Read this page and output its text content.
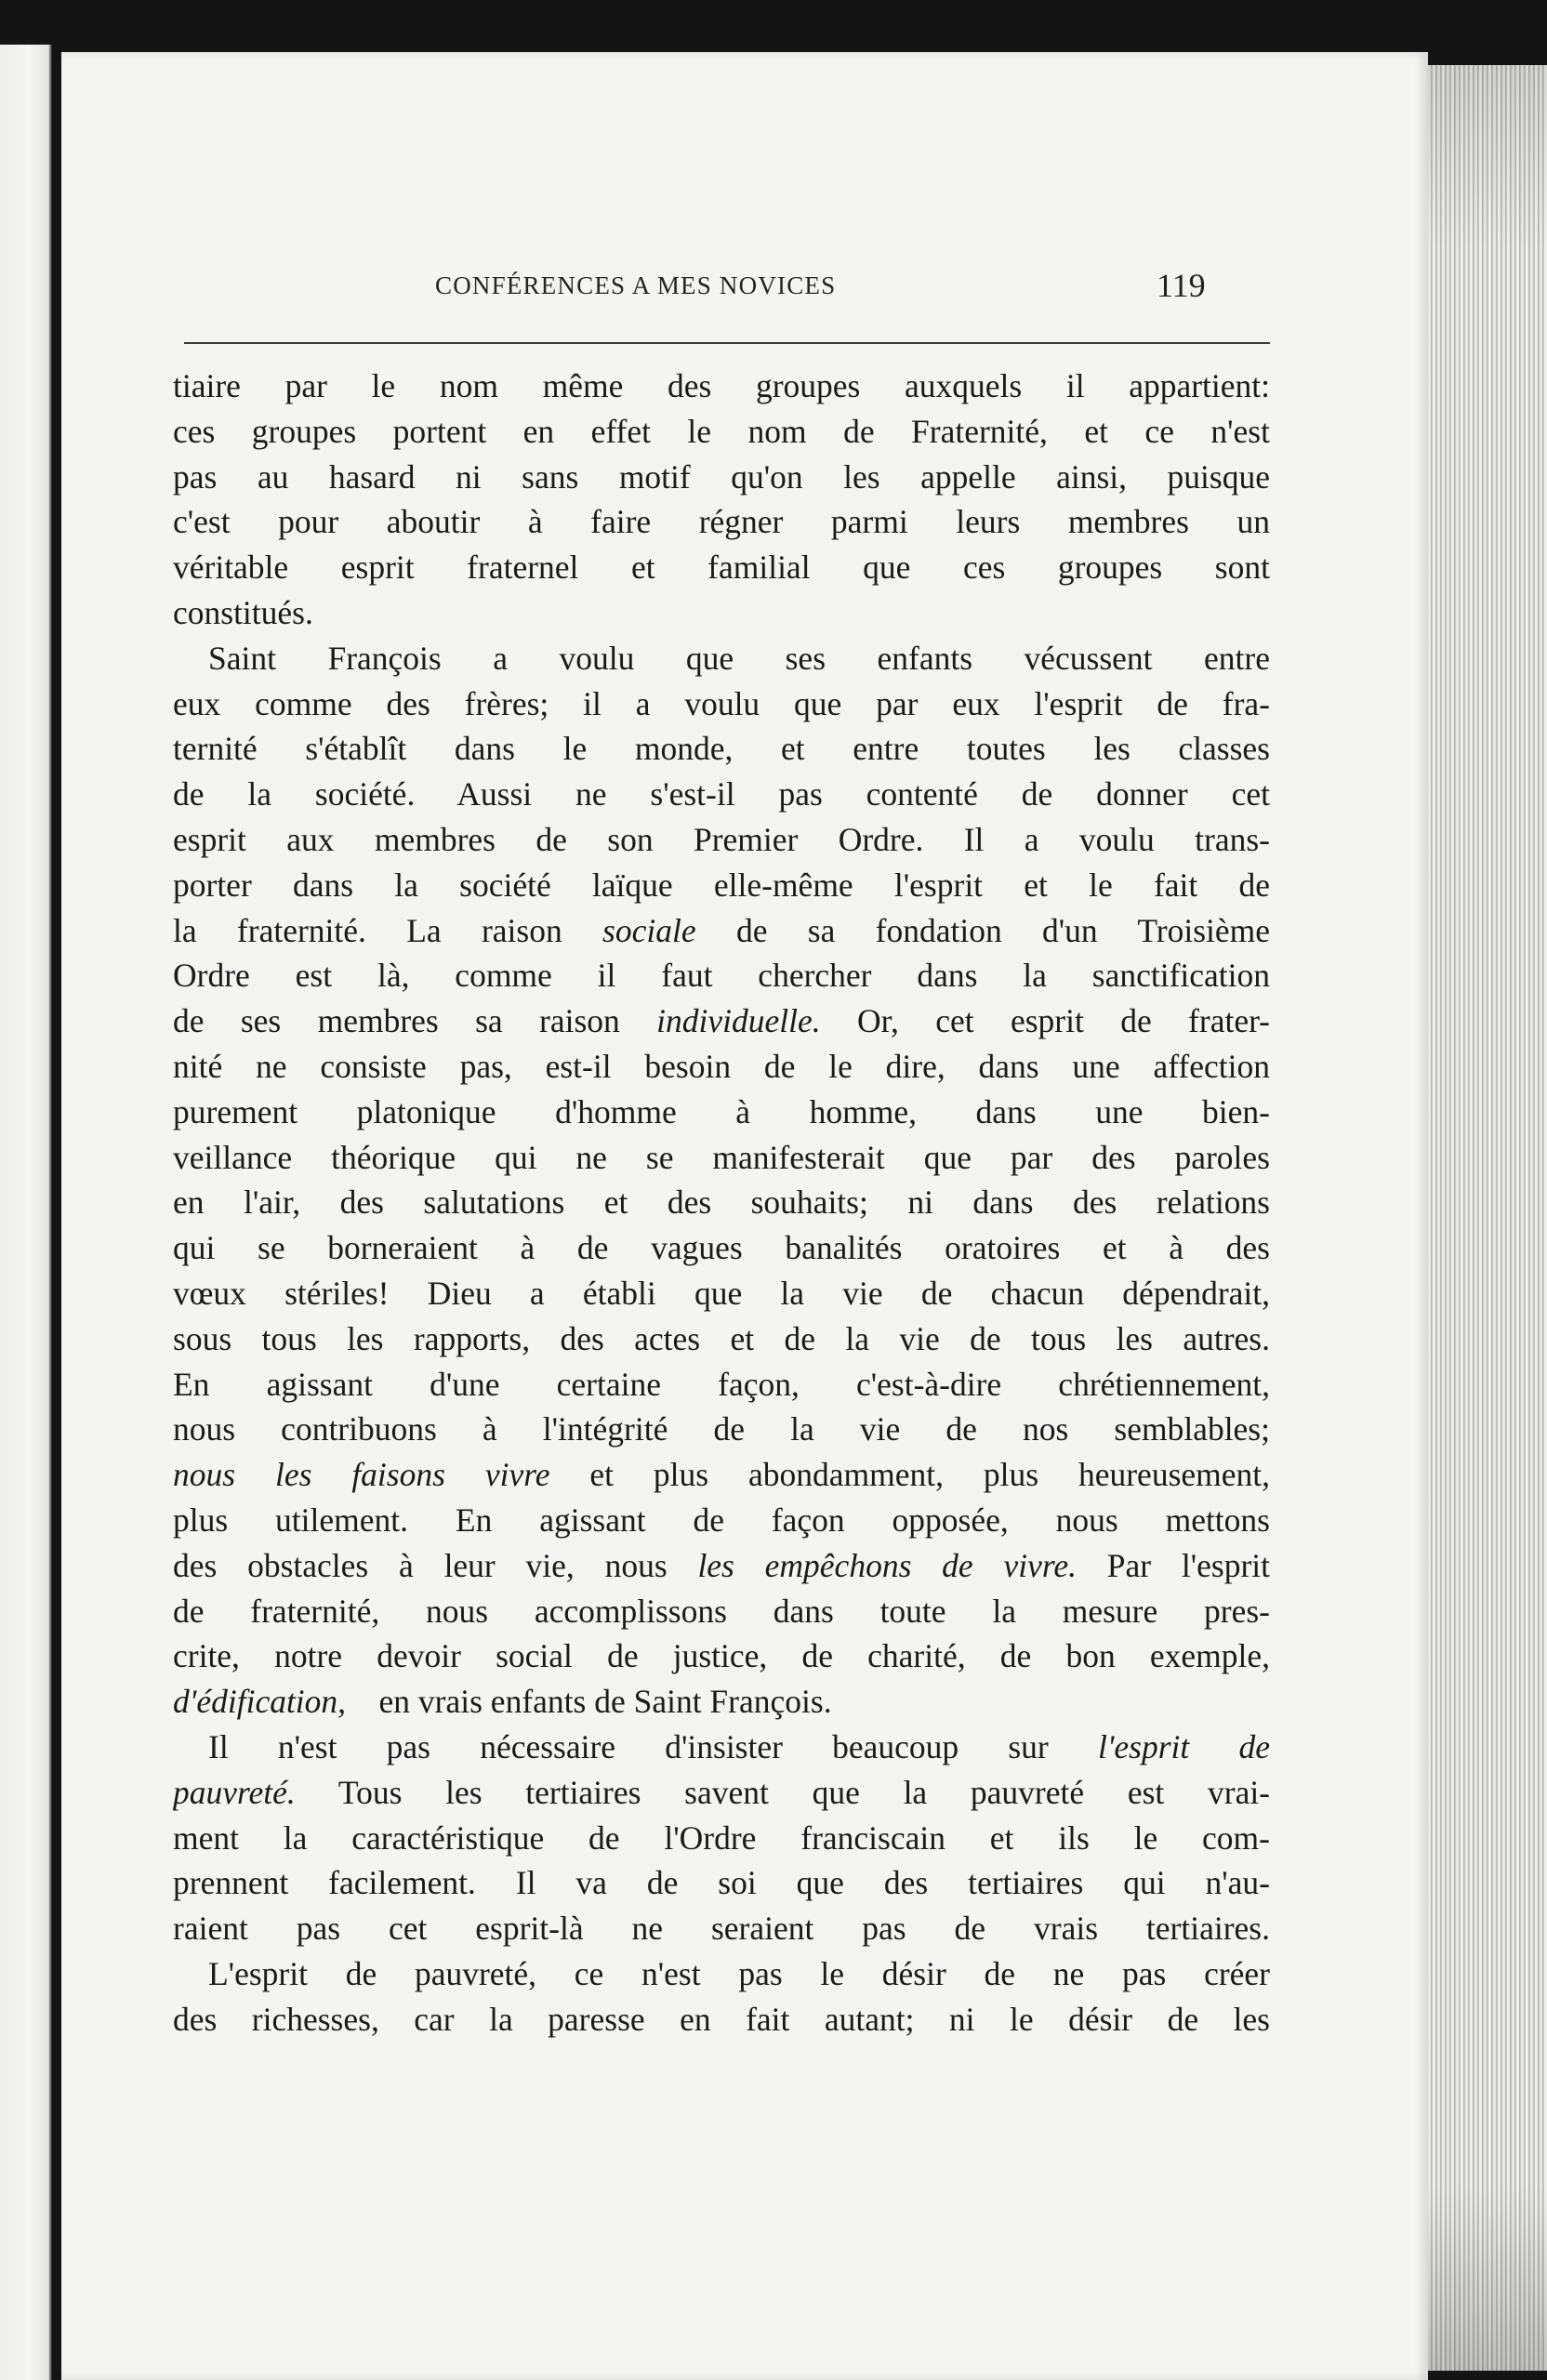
CONFÉRENCES A MES NOVICES	119
tiaire par le nom même des groupes auxquels il appartient:
ces groupes portent en effet le nom de Fraternité, et ce n'est
pas au hasard ni sans motif qu'on les appelle ainsi, puisque
c'est pour aboutir à faire régner parmi leurs membres un
véritable esprit fraternel et familial que ces groupes sont
constitués.
Saint François a voulu que ses enfants vécussent entre
eux comme des frères; il a voulu que par eux l'esprit de fra-
ternité s'établît dans le monde, et entre toutes les classes
de la société. Aussi ne s'est-il pas contenté de donner cet
esprit aux membres de son Premier Ordre. Il a voulu trans-
porter dans la société laïque elle-même l'esprit et le fait de
la fraternité. La raison sociale de sa fondation d'un Troisième
Ordre est là, comme il faut chercher dans la sanctification
de ses membres sa raison individuelle. Or, cet esprit de frater-
nité ne consiste pas, est-il besoin de le dire, dans une affection
purement platonique d'homme à homme, dans une bien-
veillance théorique qui ne se manifesterait que par des paroles
en l'air, des salutations et des souhaits; ni dans des relations
qui se borneraient à de vagues banalités oratoires et à des
vœux stériles! Dieu a établi que la vie de chacun dépendrait,
sous tous les rapports, des actes et de la vie de tous les autres.
En agissant d'une certaine façon, c'est-à-dire chrétiennement,
nous contribuons à l'intégrité de la vie de nos semblables;
nous les faisons vivre et plus abondamment, plus heureusement,
plus utilement. En agissant de façon opposée, nous mettons
des obstacles à leur vie, nous les empêchons de vivre. Par l'esprit
de fraternité, nous accomplissons dans toute la mesure pres-
crite, notre devoir social de justice, de charité, de bon exemple,
d'édification, en vrais enfants de Saint François.
Il n'est pas nécessaire d'insister beaucoup sur l'esprit de
pauvreté. Tous les tertiaires savent que la pauvreté est vrai-
ment la caractéristique de l'Ordre franciscain et ils le com-
prennent facilement. Il va de soi que des tertiaires qui n'au-
raient pas cet esprit-là ne seraient pas de vrais tertiaires.
L'esprit de pauvreté, ce n'est pas le désir de ne pas créer
des richesses, car la paresse en fait autant; ni le désir de les
